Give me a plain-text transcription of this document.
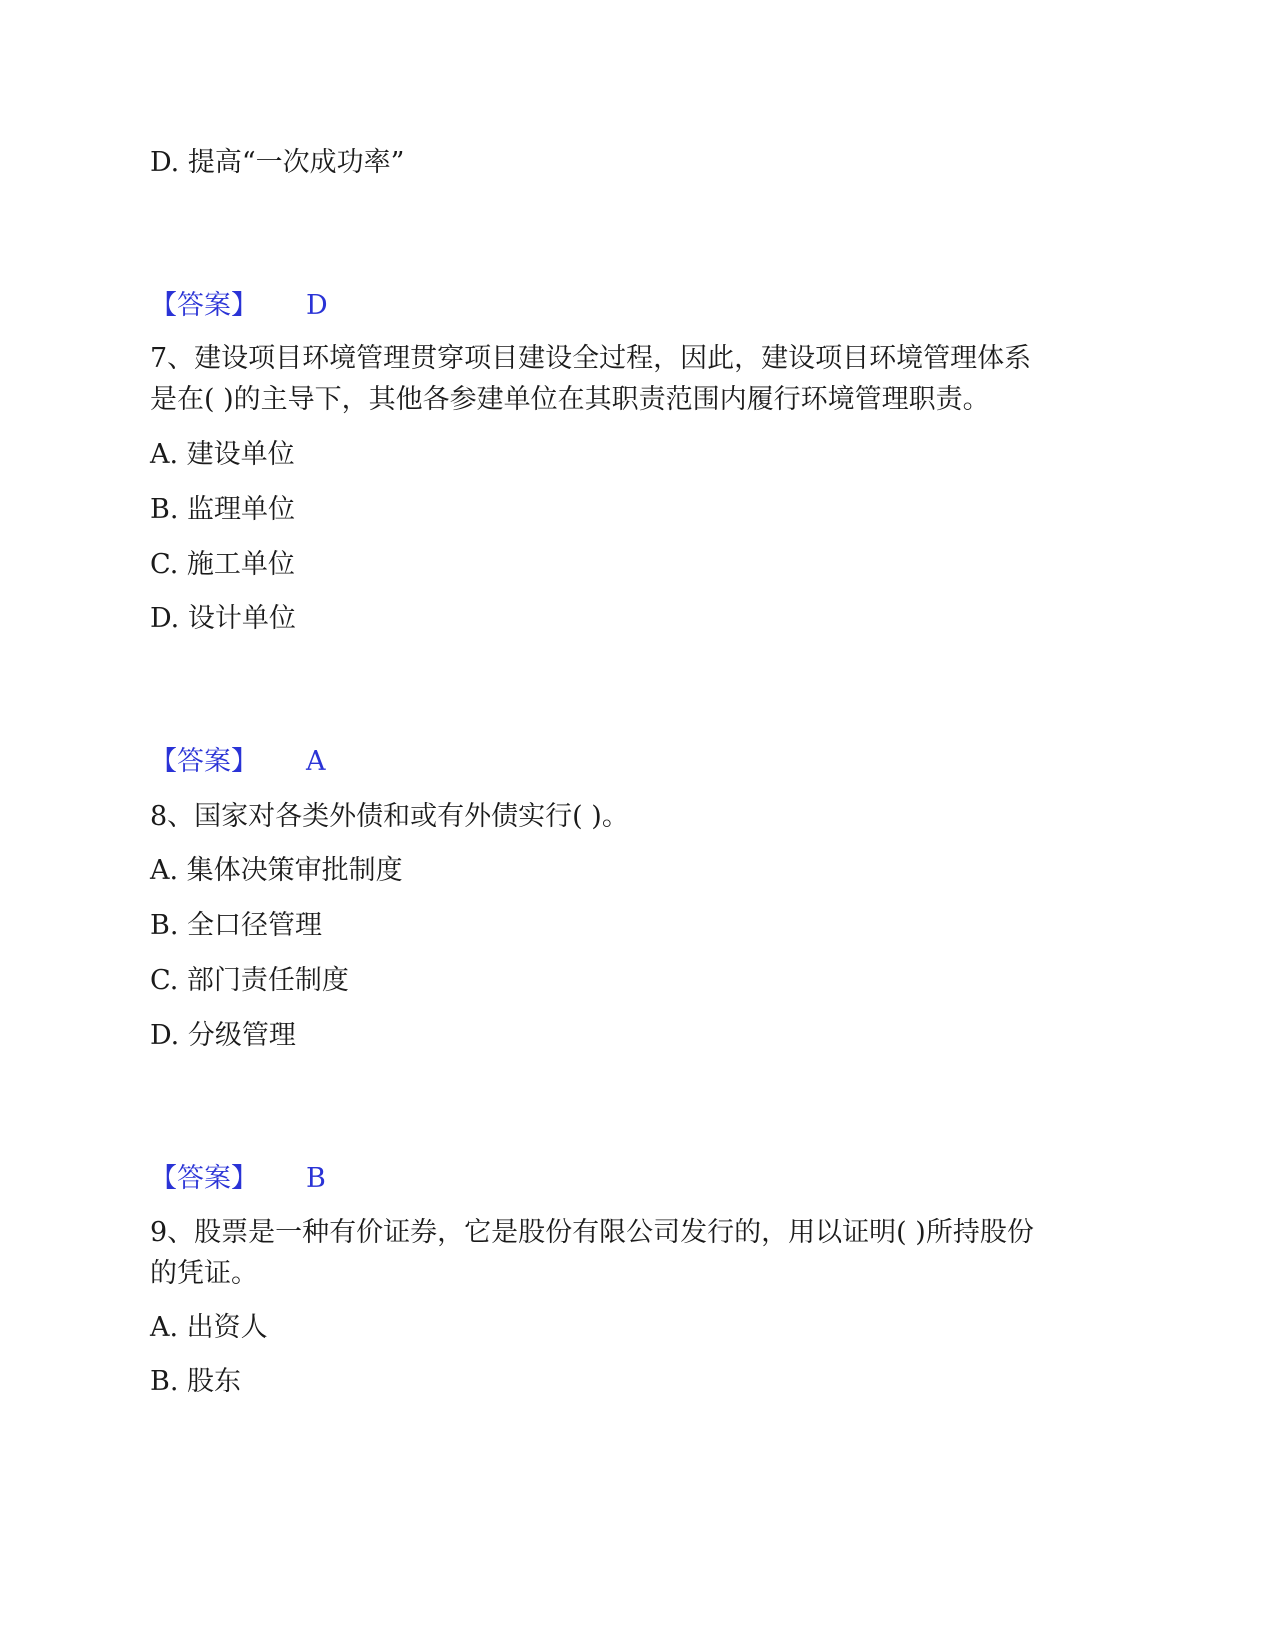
D. 提高“一次成功率”
【答案】 D
7、建设项目环境管理贯穿项目建设全过程，因此，建设项目环境管理体系
是在( )的主导下，其他各参建单位在其职责范围内履行环境管理职责。
A. 建设单位
B. 监理单位
C. 施工单位
D. 设计单位
【答案】 A
8、国家对各类外债和或有外债实行( )。
A. 集体决策审批制度
B. 全口径管理
C. 部门责任制度
D. 分级管理
【答案】 B
9、股票是一种有价证券，它是股份有限公司发行的，用以证明( )所持股份
的凭证。
A. 出资人
B. 股东
